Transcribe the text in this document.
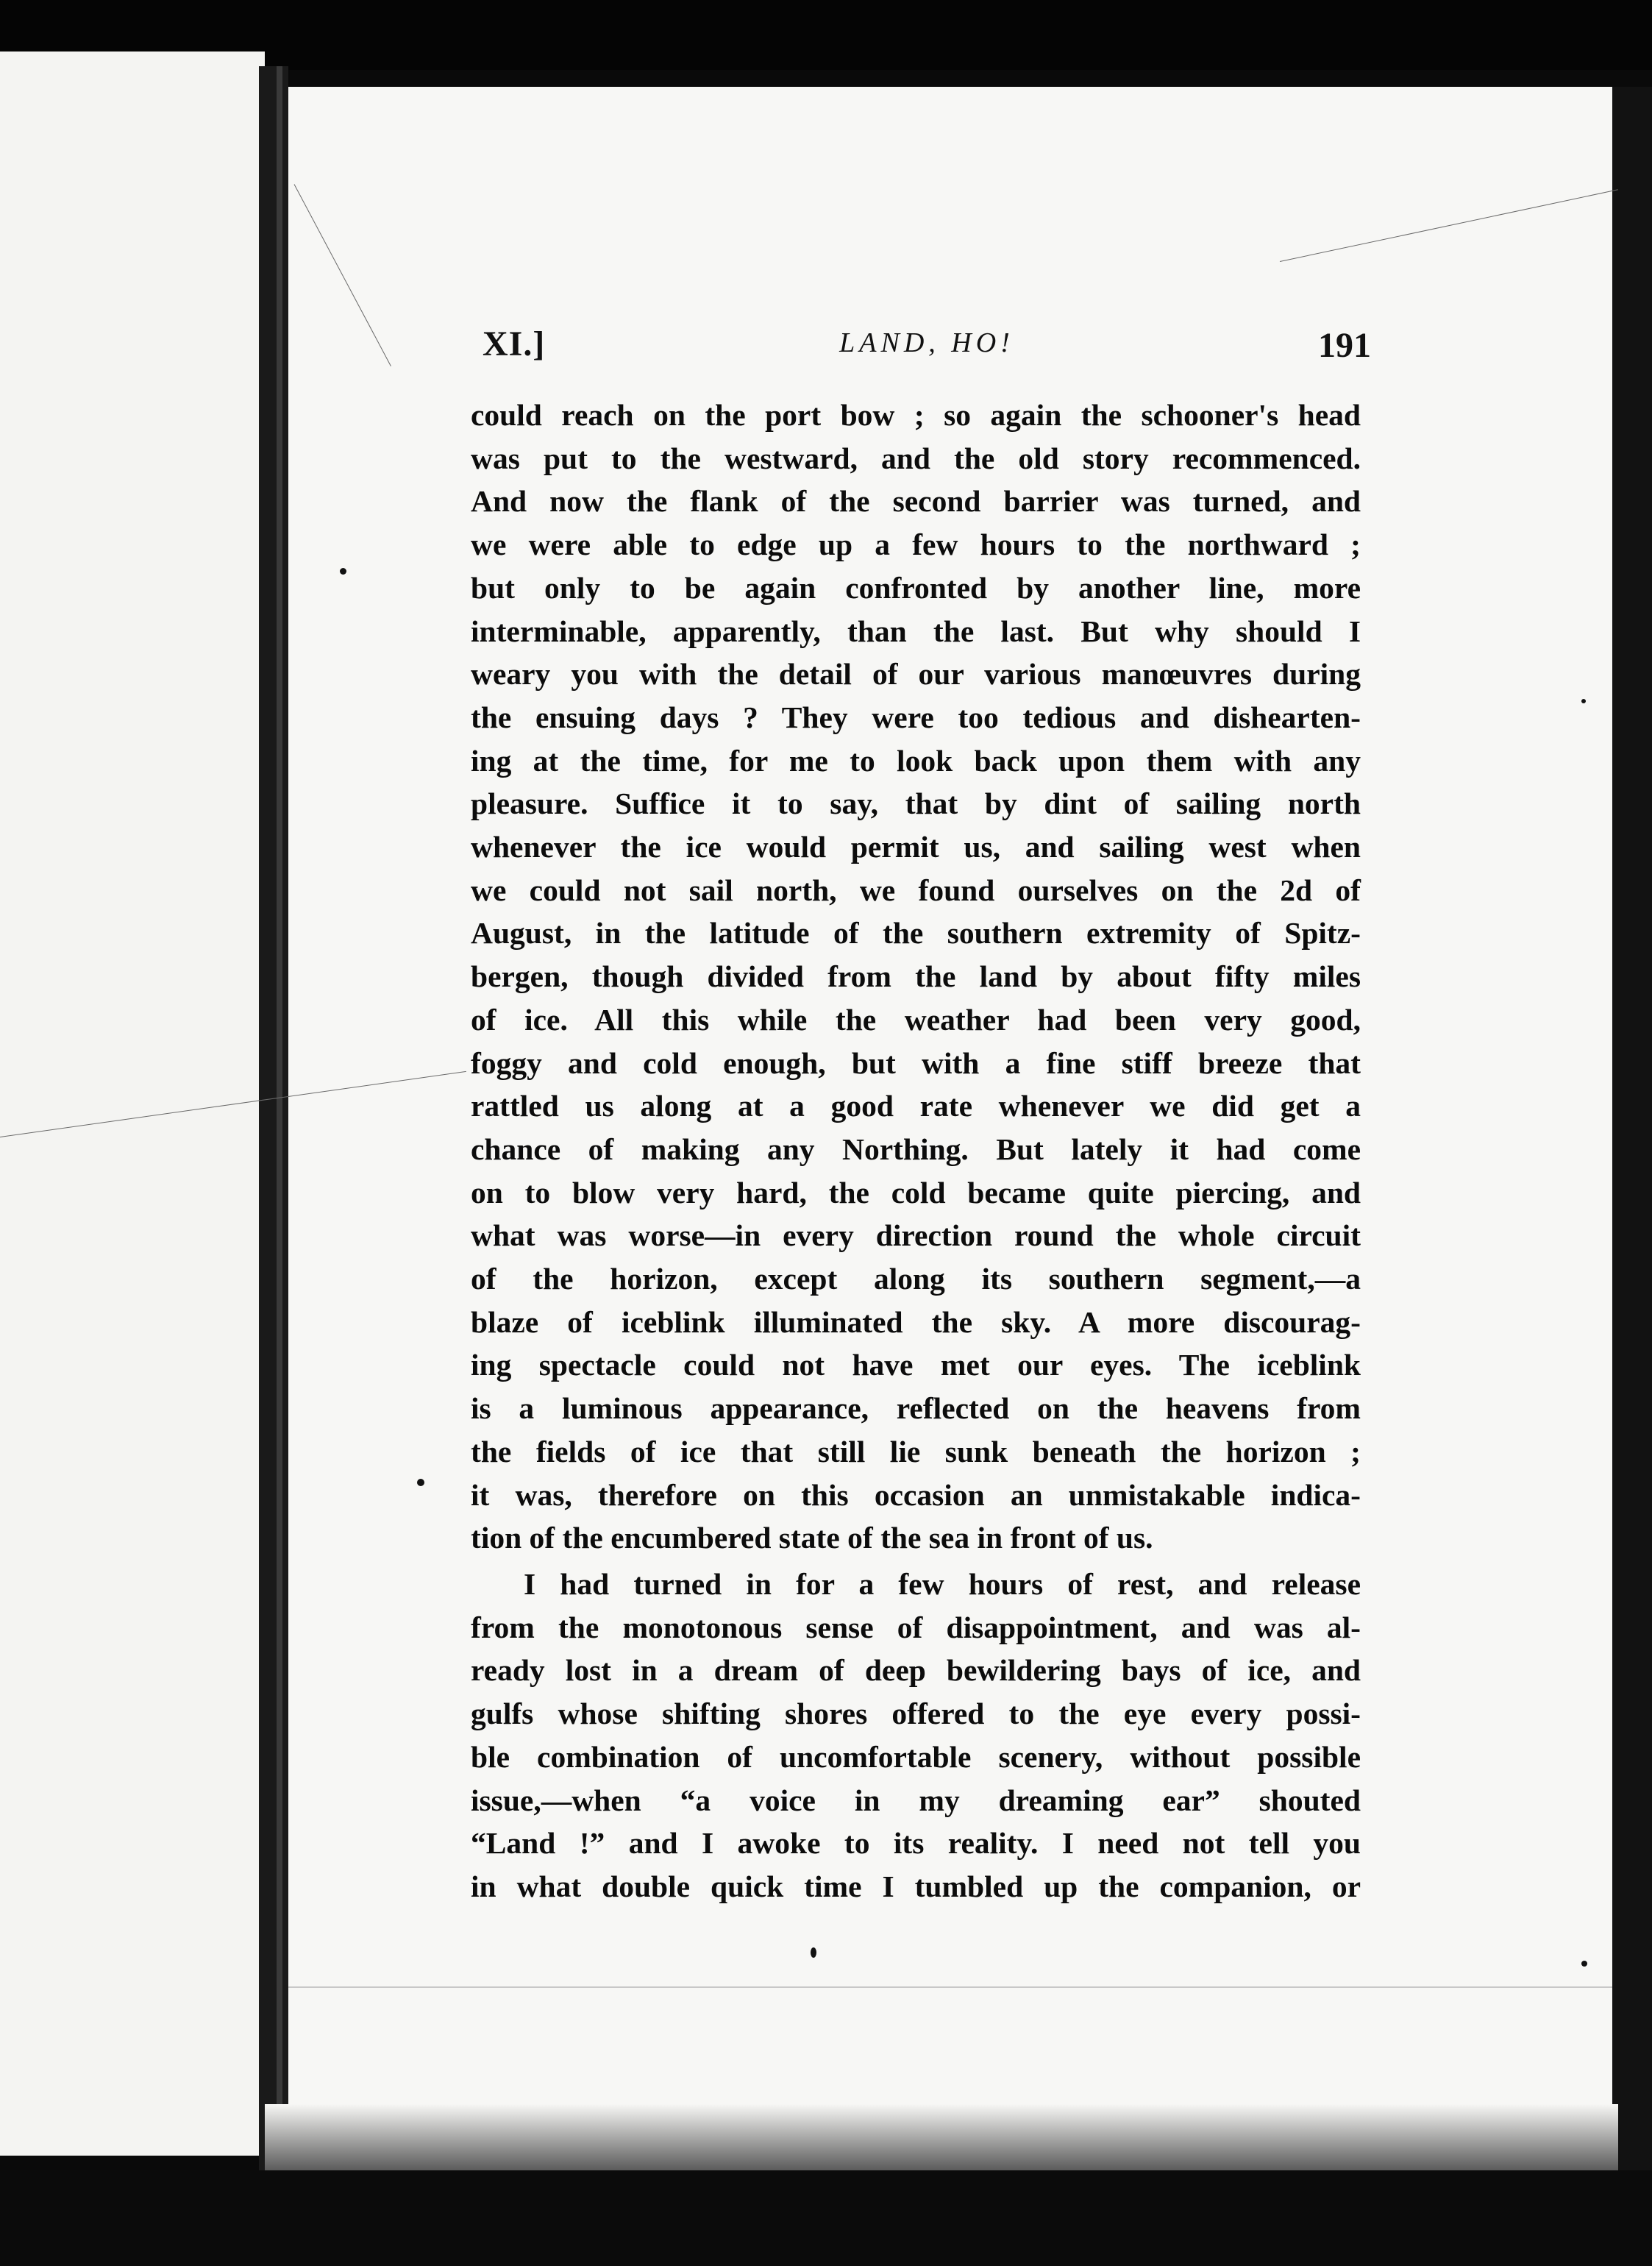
XI.]	LAND, HO!	191
could reach on the port bow ; so again the schooner's head
was put to the westward, and the old story recommenced.
And now the flank of the second barrier was turned, and
we were able to edge up a few hours to the northward ;
but only to be again confronted by another line, more
interminable, apparently, than the last. But why should I
weary you with the detail of our various manœuvres during
the ensuing days ? They were too tedious and dishearten-
ing at the time, for me to look back upon them with any
pleasure. Suffice it to say, that by dint of sailing north
whenever the ice would permit us, and sailing west when
we could not sail north, we found ourselves on the 2d of
August, in the latitude of the southern extremity of Spitz-
bergen, though divided from the land by about fifty miles
of ice. All this while the weather had been very good,
foggy and cold enough, but with a fine stiff breeze that
rattled us along at a good rate whenever we did get a
chance of making any Northing. But lately it had come
on to blow very hard, the cold became quite piercing, and
what was worse—in every direction round the whole circuit
of the horizon, except along its southern segment,—a
blaze of iceblink illuminated the sky. A more discourag-
ing spectacle could not have met our eyes. The iceblink
is a luminous appearance, reflected on the heavens from
the fields of ice that still lie sunk beneath the horizon ;
it was, therefore on this occasion an unmistakable indica-
tion of the encumbered state of the sea in front of us.
I had turned in for a few hours of rest, and release
from the monotonous sense of disappointment, and was al-
ready lost in a dream of deep bewildering bays of ice, and
gulfs whose shifting shores offered to the eye every possi-
ble combination of uncomfortable scenery, without possible
issue,—when “a voice in my dreaming ear” shouted
“Land !” and I awoke to its reality. I need not tell you
in what double quick time I tumbled up the companion, or
